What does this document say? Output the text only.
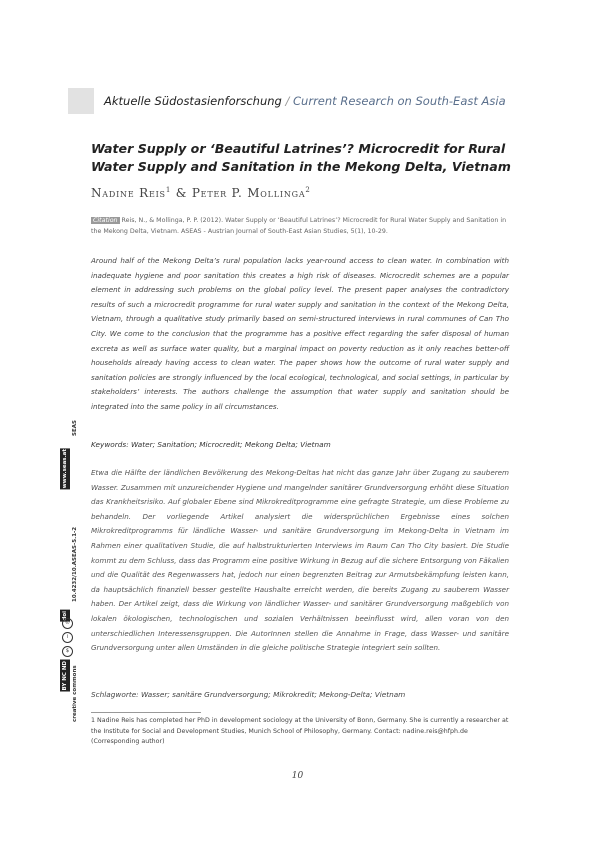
Aktuelle Südostasienforschung / Current Research on South-East Asia
Water Supply or ‘Beautiful Latrines’? Microcredit for Rural Water Supply and Sanitation in the Mekong Delta, Vietnam
Nadine Reis$^1$ & Peter P. Mollinga$^2$
Citation Reis, N., & Mollinga, P. P. (2012). Water Supply or ‘Beautiful Latrines’? Microcredit for Rural Water Supply and Sanitation in the Mekong Delta, Vietnam. ASEAS - Austrian Journal of South-East Asian Studies, 5(1), 10-29.
Around half of the Mekong Delta’s rural population lacks year-round access to clean water. In combination with inadequate hygiene and poor sanitation this creates a high risk of diseases. Microcredit schemes are a popular element in addressing such problems on the global policy level. The present paper analyses the contradictory results of such a microcredit programme for rural water supply and sanitation in the context of the Mekong Delta, Vietnam, through a qualitative study primarily based on semi-structured interviews in rural communes of Can Tho City. We come to the conclusion that the programme has a positive effect regarding the safer disposal of human excreta as well as surface water quality, but a marginal impact on poverty reduction as it only reaches better-off households already having access to clean water. The paper shows how the outcome of rural water supply and sanitation policies are strongly influenced by the local ecological, technological, and social settings, in particular by stakeholders’ interests. The authors challenge the assumption that water supply and sanitation should be integrated into the same policy in all circumstances.
Keywords: Water; Sanitation; Microcredit; Mekong Delta; Vietnam
Etwa die Hälfte der ländlichen Bevölkerung des Mekong-Deltas hat nicht das ganze Jahr über Zugang zu sauberem Wasser. Zusammen mit unzureichender Hygiene und mangelnder sanitärer Grundversorgung erhöht diese Situation das Krankheitsrisiko. Auf globaler Ebene sind Mikrokreditprogramme eine gefragte Strategie, um diese Probleme zu behandeln. Der vorliegende Artikel analysiert die widersprüchlichen Ergebnisse eines solchen Mikrokreditprogramms für ländliche Wasser- und sanitäre Grundversorgung im Mekong-Delta in Vietnam im Rahmen einer qualitativen Studie, die auf halbstrukturierten Interviews im Raum Can Tho City basiert. Die Studie kommt zu dem Schluss, dass das Programm eine positive Wirkung in Bezug auf die sichere Entsorgung von Fäkalien und die Qualität des Regenwassers hat, jedoch nur einen begrenzten Beitrag zur Armutsbekämpfung leisten kann, da hauptsächlich finanziell besser gestellte Haushalte erreicht werden, die bereits Zugang zu sauberem Wasser haben. Der Artikel zeigt, dass die Wirkung von ländlicher Wasser- und sanitärer Grundversorgung maßgeblich von lokalen ökologischen, technologischen und sozialen Verhältnissen beeinflusst wird, allen voran von den unterschiedlichen Interessensgruppen. Die AutorInnen stellen die Annahme in Frage, dass Wasser- und sanitäre Grundversorgung unter allen Umständen in die gleiche politische Strategie integriert sein sollten.
Schlagworte: Wasser; sanitäre Grundversorgung; Mikrokredit; Mekong-Delta; Vietnam
1 Nadine Reis has completed her PhD in development sociology at the University of Bonn, Germany. She is currently a researcher at the Institute for Social and Development Studies, Munich School of Philosophy, Germany. Contact: nadine.reis@hfph.de (Corresponding author)
10
SEAS
www.seas.at
10.4232/10.ASEAS-5.1-2
doi
©
i
$
BY NC ND creative commons
